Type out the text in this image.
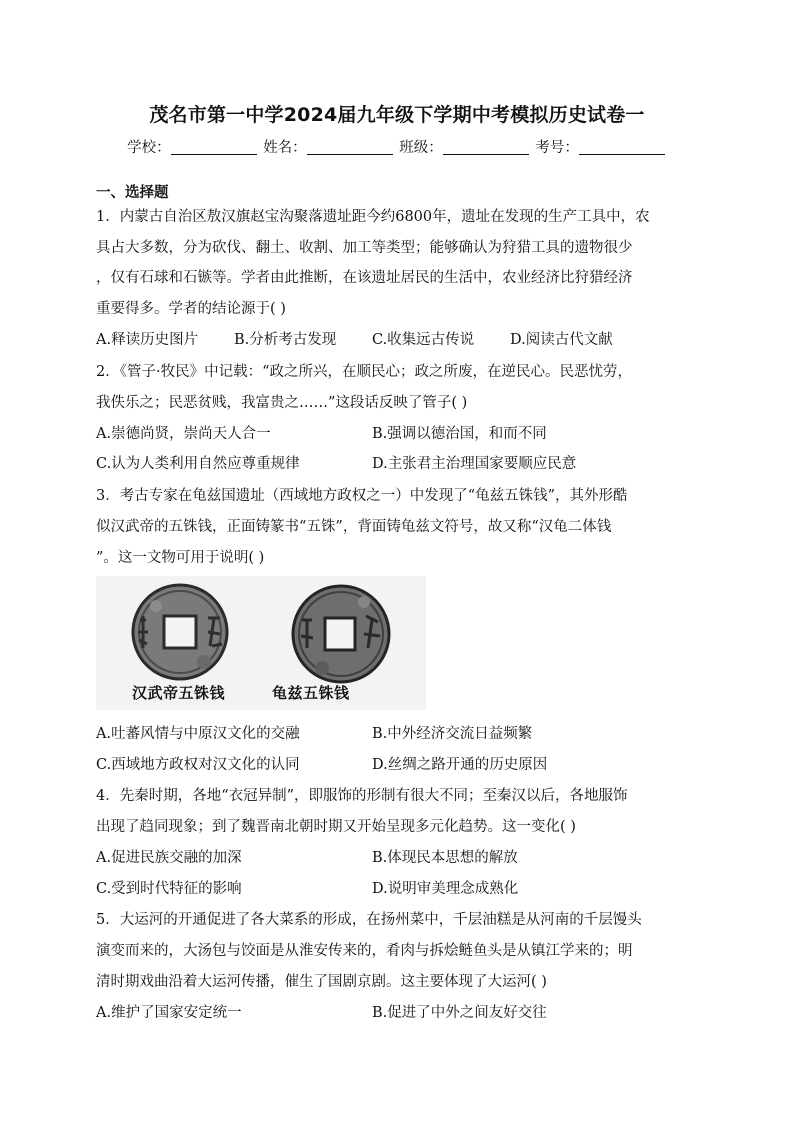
茂名市第一中学2024届九年级下学期中考模拟历史试卷一
学校：	姓名：	班级：	考号：
一、选择题
1．内蒙古自治区敖汉旗赵宝沟聚落遗址距今约6800年，遗址在发现的生产工具中，农
具占大多数，分为砍伐、翻土、收割、加工等类型；能够确认为狩猎工具的遗物很少
，仅有石球和石镞等。学者由此推断，在该遗址居民的生活中，农业经济比狩猎经济
重要得多。学者的结论源于( )
A.释读历史图片 B.分析考古发现 C.收集远古传说 D.阅读古代文献
2．《管子·牧民》中记载：“政之所兴，在顺民心；政之所废，在逆民心。民恶忧劳，
我佚乐之；民恶贫贱，我富贵之……”这段话反映了管子( )
A.崇德尚贤，崇尚天人合一	B.强调以德治国，和而不同
C.认为人类利用自然应尊重规律	D.主张君主治理国家要顺应民意
3．考古专家在龟兹国遗址（西域地方政权之一）中发现了“龟兹五铢钱”，其外形酷
似汉武帝的五铢钱，正面铸篆书“五铢”，背面铸龟兹文符号，故又称“汉龟二体钱
”。这一文物可用于说明( )
汉武帝五铢钱	龟兹五铢钱
A.吐蕃风情与中原汉文化的交融	B.中外经济交流日益频繁
C.西域地方政权对汉文化的认同	D.丝绸之路开通的历史原因
4．先秦时期，各地“衣冠异制”，即服饰的形制有很大不同；至秦汉以后，各地服饰
出现了趋同现象；到了魏晋南北朝时期又开始呈现多元化趋势。这一变化( )
A.促进民族交融的加深	B.体现民本思想的解放
C.受到时代特征的影响	D.说明审美理念成熟化
5．大运河的开通促进了各大菜系的形成，在扬州菜中，千层油糕是从河南的千层馒头
演变而来的，大汤包与饺面是从淮安传来的，肴肉与拆烩鲢鱼头是从镇江学来的；明
清时期戏曲沿着大运河传播，催生了国剧京剧。这主要体现了大运河( )
A.维护了国家安定统一	B.促进了中外之间友好交往
